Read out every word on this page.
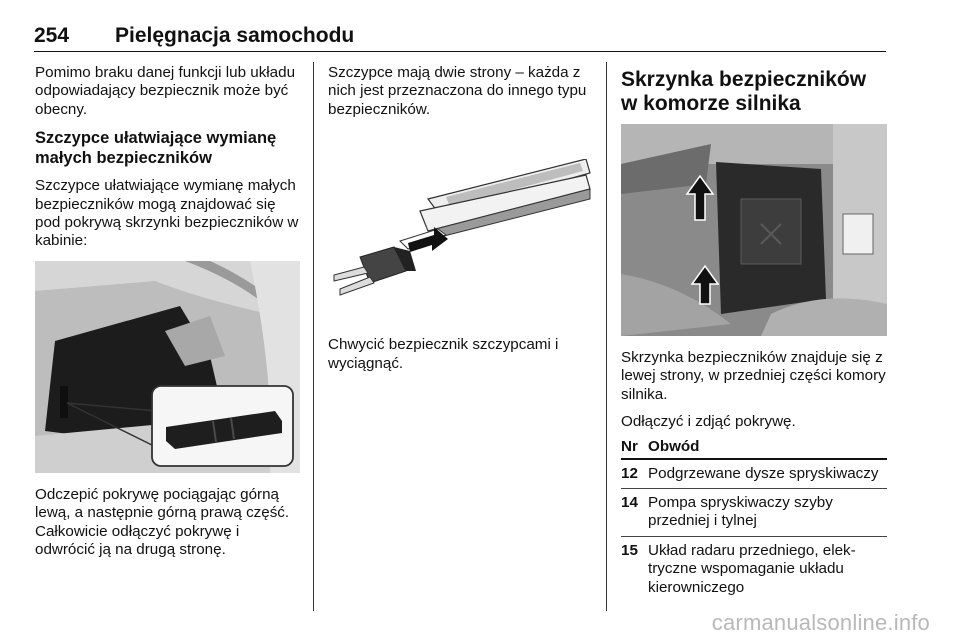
254 Pielęgnacja samochodu

Pomimo braku danej funkcji lub układu odpowiadający bezpiecznik może być obecny.

Szczypce ułatwiające wymianę małych bezpieczników

Szczypce ułatwiające wymianę małych bezpieczników mogą znajdować się pod pokrywą skrzynki bezpieczników w kabinie:

Odczepić pokrywę pociągając górną lewą, a następnie górną prawą część. Całkowicie odłączyć pokrywę i odwrócić ją na drugą stronę.

Szczypce mają dwie strony – każda z nich jest przeznaczona do innego typu bezpieczników.

Chwycić bezpiecznik szczypcami i wyciągnąć.

Skrzynka bezpieczników w komorze silnika

Skrzynka bezpieczników znajduje się z lewej strony, w przedniej części komory silnika.

Odłączyć i zdjąć pokrywę.

Nr Obwód
12 Podgrzewane dysze spryskiwaczy
14 Pompa spryskiwaczy szyby przedniej i tylnej
15 Układ radaru przedniego, elektryczne wspomaganie układu kierowniczego
carmanualsonline.info
